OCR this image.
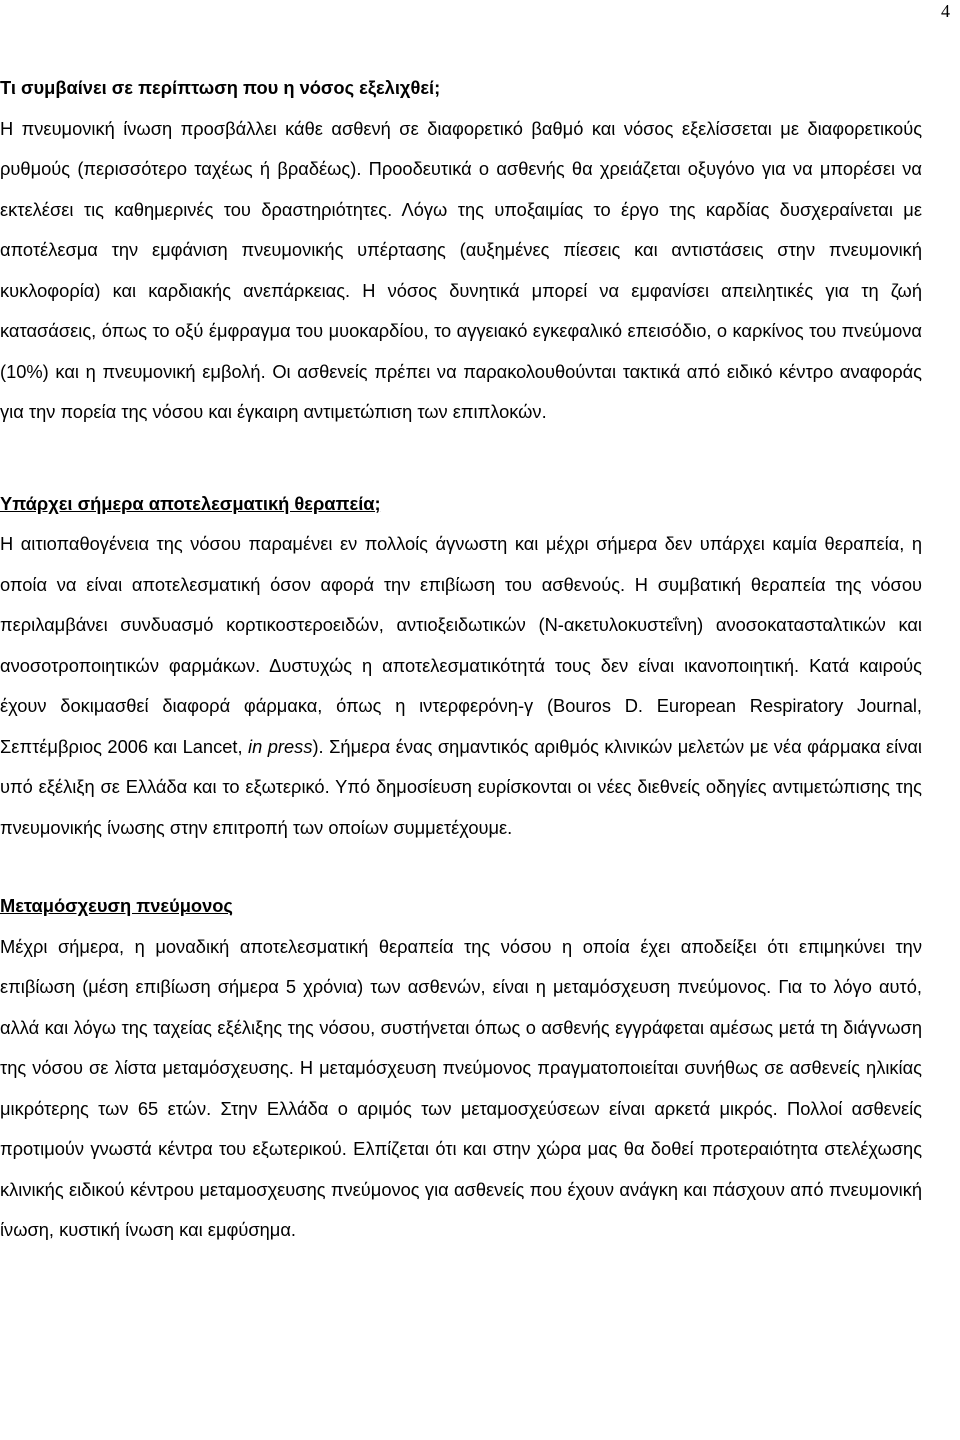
4
Τι συμβαίνει σε περίπτωση που η νόσος εξελιχθεί;

Η πνευμονική ίνωση προσβάλλει κάθε ασθενή σε διαφορετικό βαθμό και νόσος εξελίσσεται με διαφορετικούς ρυθμούς (περισσότερο ταχέως ή βραδέως). Προοδευτικά ο ασθενής θα χρειάζεται οξυγόνο για να μπορέσει να εκτελέσει τις καθημερινές του δραστηριότητες. Λόγω της υποξαιμίας το έργο της καρδίας δυσχεραίνεται με αποτέλεσμα την εμφάνιση πνευμονικής υπέρτασης (αυξημένες πίεσεις και αντιστάσεις στην πνευμονική κυκλοφορία) και καρδιακής ανεπάρκειας. Η νόσος δυνητικά μπορεί να εμφανίσει απειλητικές για τη ζωή κατασάσεις, όπως το οξύ έμφραγμα του μυοκαρδίου, το αγγειακό εγκεφαλικό επεισόδιο, ο καρκίνος του πνεύμονα (10%) και η πνευμονική εμβολή. Οι ασθενείς πρέπει να παρακολουθούνται τακτικά από ειδικό κέντρο αναφοράς για την πορεία της νόσου και έγκαιρη αντιμετώπιση των επιπλοκών.

Υπάρχει σήμερα αποτελεσματική θεραπεία;

Η αιτιοπαθογένεια της νόσου παραμένει εν πολλοίς άγνωστη και μέχρι σήμερα δεν υπάρχει καμία θεραπεία, η οποία να είναι αποτελεσματική όσον αφορά την επιβίωση του ασθενούς. Η συμβατική θεραπεία της νόσου περιλαμβάνει συνδυασμό κορτικοστεροειδών, αντιοξειδωτικών (Ν-ακετυλοκυστεΐνη) ανοσοκατασταλτικών και ανοσοτροποιητικών φαρμάκων. Δυστυχώς η αποτελεσματικότητά τους δεν είναι ικανοποιητική. Κατά καιρούς έχουν δοκιμασθεί διαφορά φάρμακα, όπως η ιντερφερόνη-γ (Bouros D. European Respiratory Journal, Σεπτέμβριος 2006 και Lancet, in press). Σήμερα ένας σημαντικός αριθμός κλινικών μελετών με νέα φάρμακα είναι υπό εξέλιξη σε Ελλάδα και το εξωτερικό. Υπό δημοσίευση ευρίσκονται οι νέες διεθνείς οδηγίες αντιμετώπισης της πνευμονικής ίνωσης στην επιτροπή των οποίων συμμετέχουμε.

Μεταμόσχευση πνεύμονος

Μέχρι σήμερα, η μοναδική αποτελεσματική θεραπεία της νόσου η οποία έχει αποδείξει ότι επιμηκύνει την επιβίωση (μέση επιβίωση σήμερα 5 χρόνια) των ασθενών, είναι η μεταμόσχευση πνεύμονος. Για το λόγο αυτό, αλλά και λόγω της ταχείας εξέλιξης της νόσου, συστήνεται όπως ο ασθενής εγγράφεται αμέσως μετά τη διάγνωση της νόσου σε λίστα μεταμόσχευσης. Η μεταμόσχευση πνεύμονος πραγματοποιείται συνήθως σε ασθενείς ηλικίας μικρότερης των 65 ετών. Στην Ελλάδα ο αριμός των μεταμοσχεύσεων είναι αρκετά μικρός. Πολλοί ασθενείς προτιμούν γνωστά κέντρα του εξωτερικού. Ελπίζεται ότι και στην χώρα μας θα δοθεί προτεραιότητα στελέχωσης κλινικής ειδικού κέντρου μεταμοσχευσης πνεύμονος για ασθενείς που έχουν ανάγκη και πάσχουν από πνευμονική ίνωση, κυστική ίνωση και εμφύσημα.
